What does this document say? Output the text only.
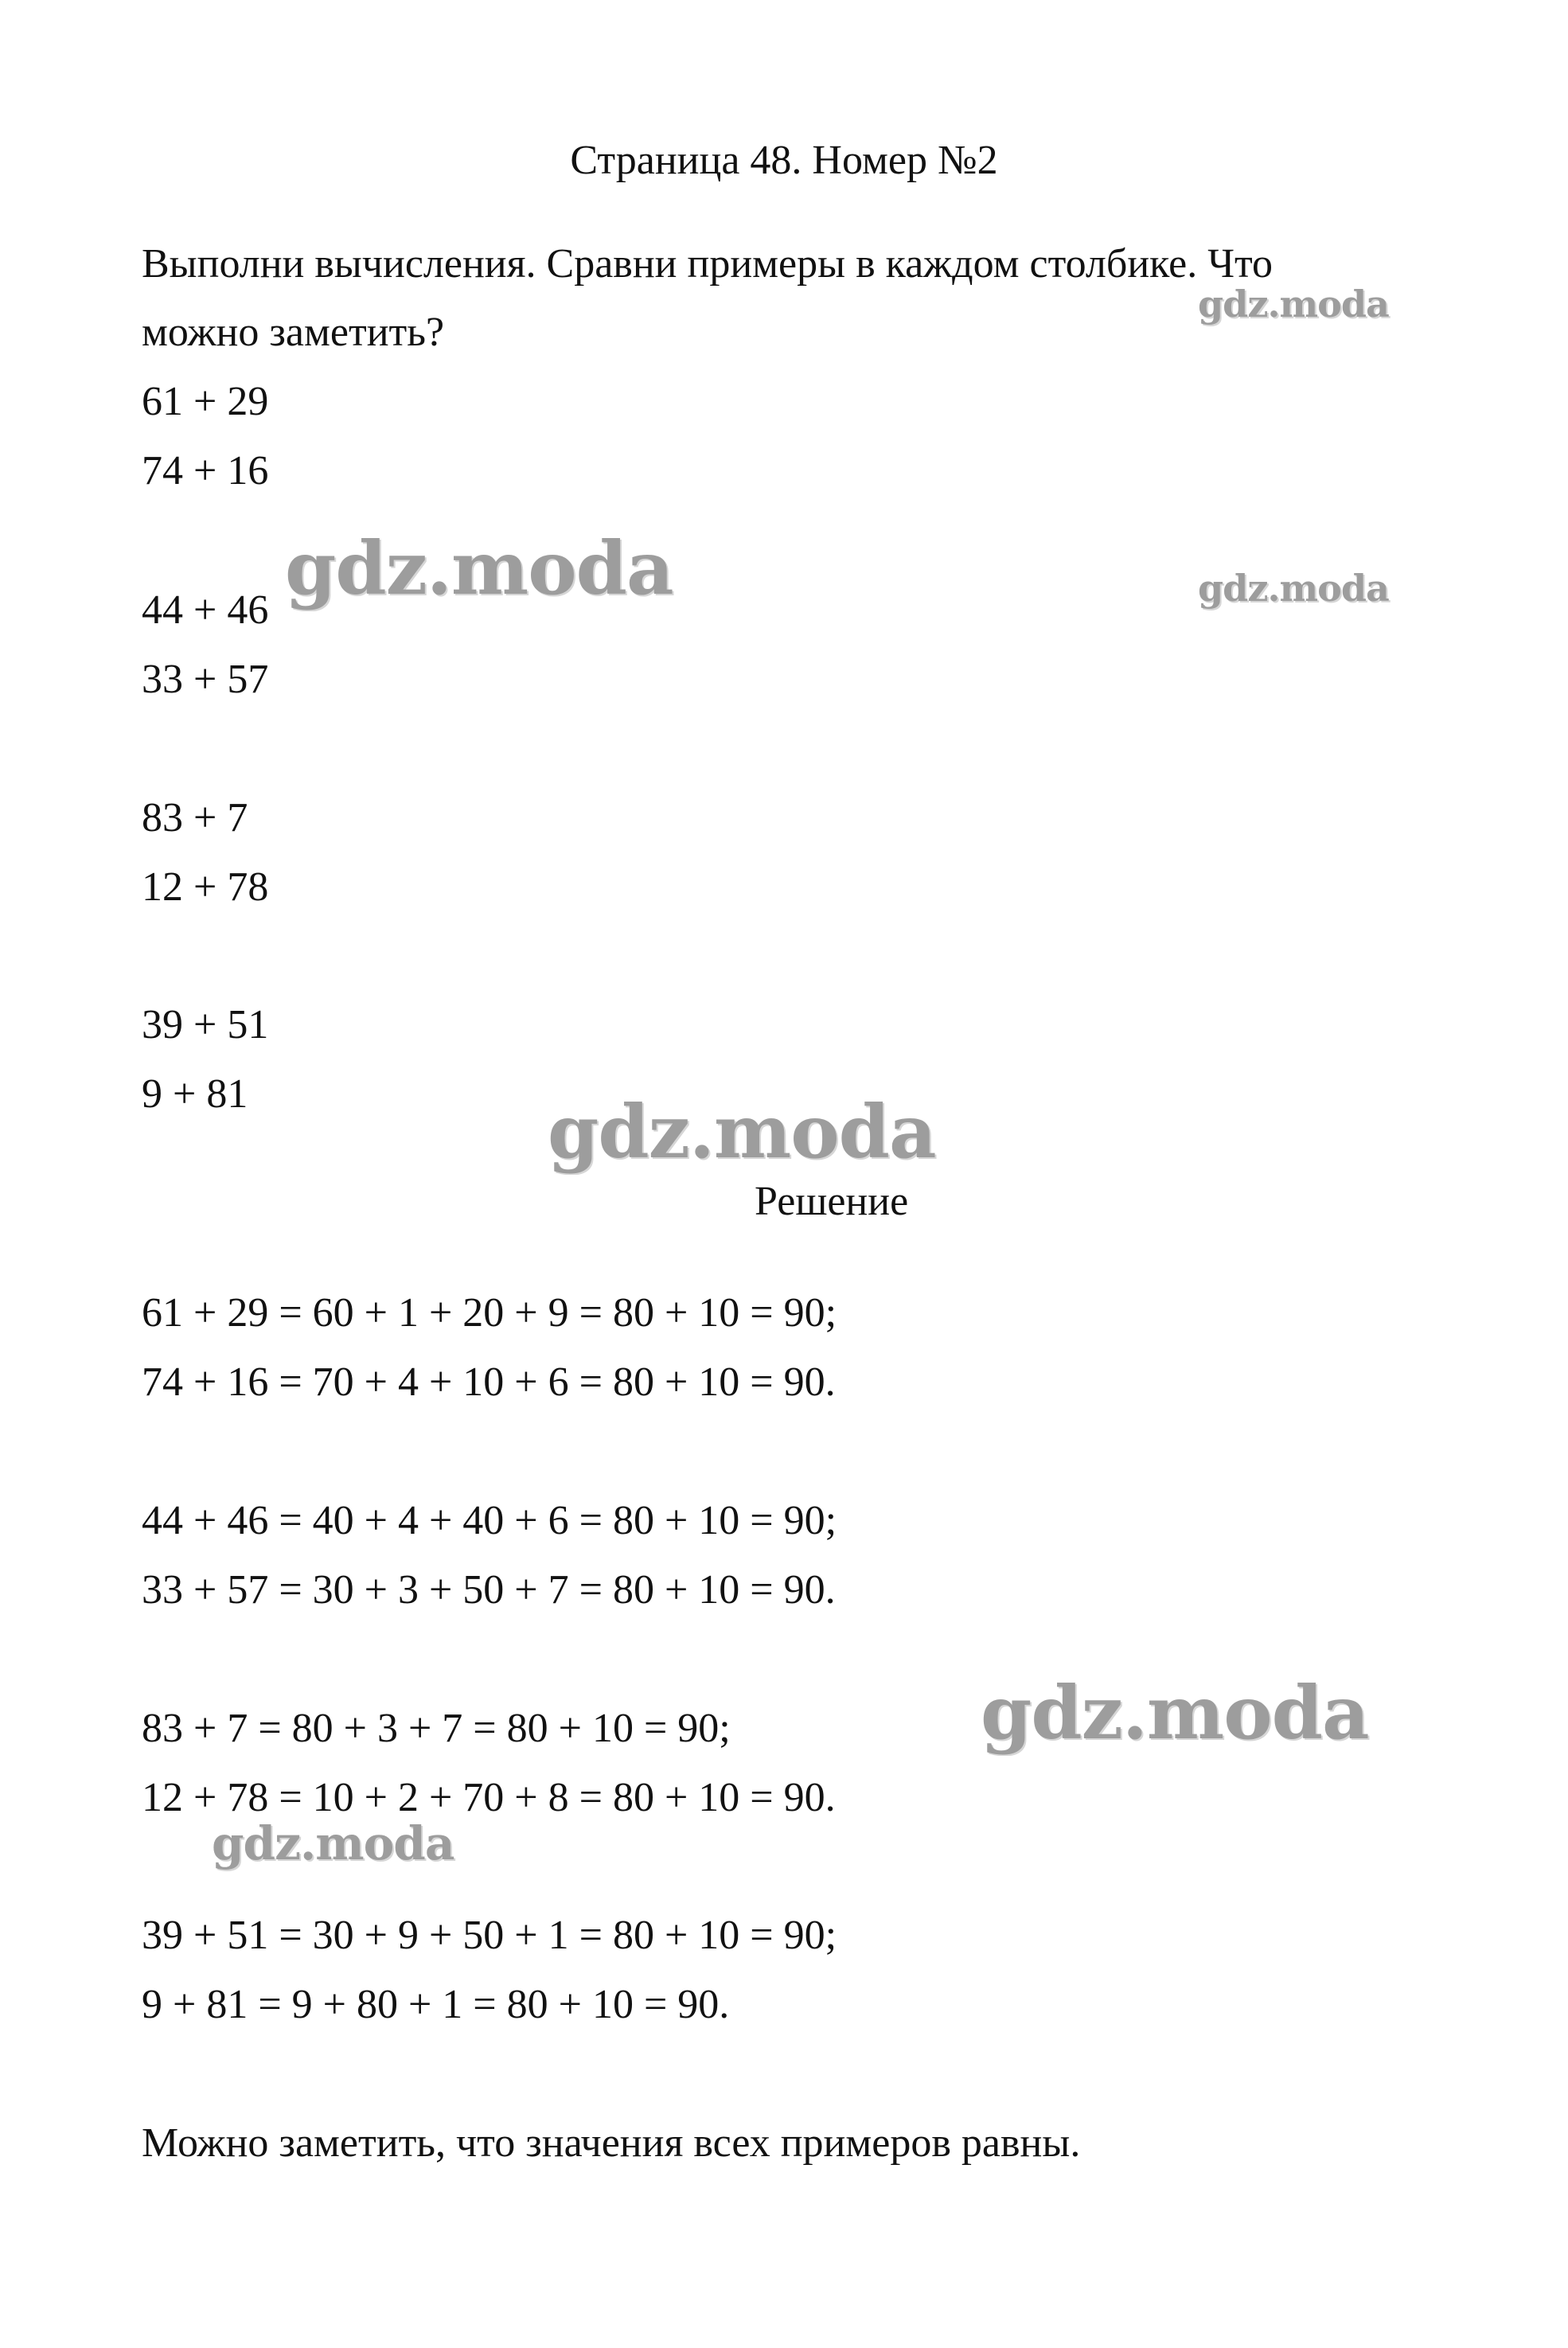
Страница 48. Номер №2
Выполни вычисления. Сравни примеры в каждом столбике. Что
можно заметить?
61 + 29
74 + 16
44 + 46
33 + 57
83 + 7
12 + 78
39 + 51
9 + 81
Решение
61 + 29 = 60 + 1 + 20 + 9 = 80 + 10 = 90;
74 + 16 = 70 + 4 + 10 + 6 = 80 + 10 = 90.
44 + 46 = 40 + 4 + 40 + 6 = 80 + 10 = 90;
33 + 57 = 30 + 3 + 50 + 7 = 80 + 10 = 90.
83 + 7 = 80 + 3 + 7 = 80 + 10 = 90;
12 + 78 = 10 + 2 + 70 + 8 = 80 + 10 = 90.
39 + 51 = 30 + 9 + 50 + 1 = 80 + 10 = 90;
9 + 81 = 9 + 80 + 1 = 80 + 10 = 90.
Можно заметить, что значения всех примеров равны.
gdz.moda
gdz.moda	gdz.moda
gdz.moda
gdz.moda
gdz.moda
